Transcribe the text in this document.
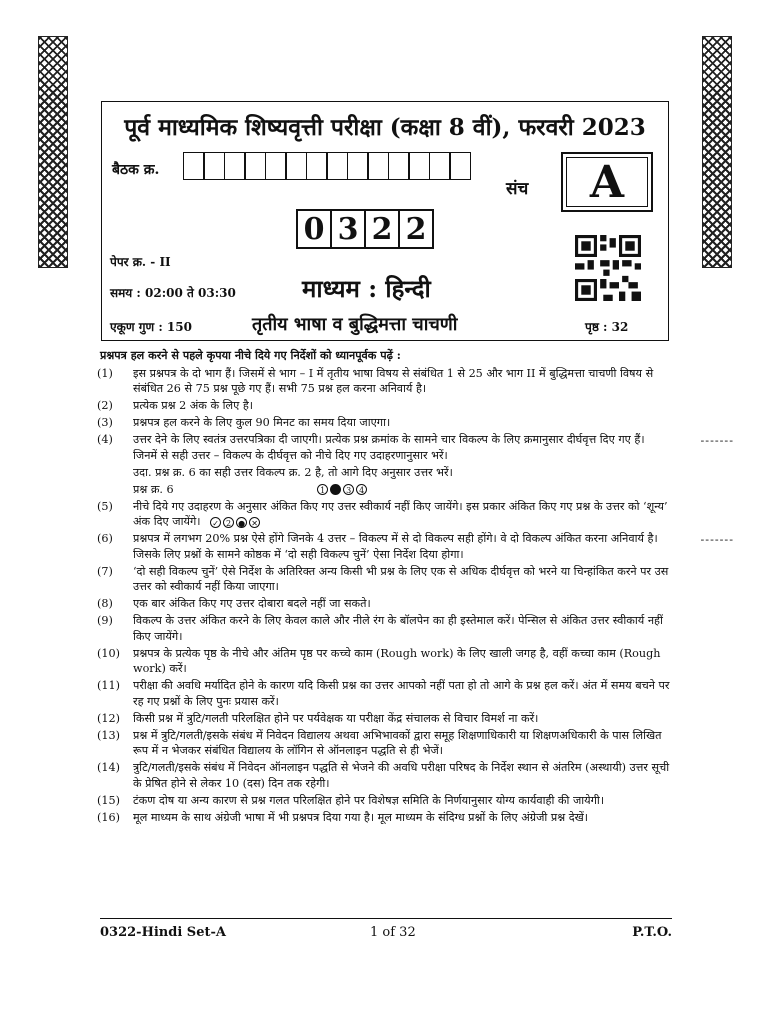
पूर्व माध्यमिक शिष्यवृत्ती परीक्षा (कक्षा 8 वीं), फरवरी 2023
बैठक क्र.
संच	A
0 3 2 2
पेपर क्र. - II
समय : 02:00 ते 03:30	माध्यम : हिन्दी
एकूण गुण : 150	तृतीय भाषा व बुद्धिमत्ता चाचणी	पृष्ठ : 32
प्रश्नपत्र हल करने से पहले कृपया नीचे दिये गए निर्देशों को ध्यानपूर्वक पढ़ें :
(1) इस प्रश्नपत्र के दो भाग हैं। जिसमें से भाग – I में तृतीय भाषा विषय से संबंधित 1 से 25 और भाग II में बुद्धिमत्ता चाचणी विषय से संबंधित 26 से 75 प्रश्न पूछे गए हैं। सभी 75 प्रश्न हल करना अनिवार्य है।
(2) प्रत्येक प्रश्न 2 अंक के लिए है।
(3) प्रश्नपत्र हल करने के लिए कुल 90 मिनट का समय दिया जाएगा।
(4) उत्तर देने के लिए स्वतंत्र उत्तरपत्रिका दी जाएगी। प्रत्येक प्रश्न क्रमांक के सामने चार विकल्प के लिए क्रमानुसार दीर्घवृत्त दिए गए हैं। जिनमें से सही उत्तर – विकल्प के दीर्घवृत्त को नीचे दिए गए उदाहरणानुसार भरें।
-------
उदा. प्रश्न क्र. 6 का सही उत्तर विकल्प क्र. 2 है, तो आगे दिए अनुसार उत्तर भरें।
प्रश्न क्र. 6	1	3 4
(5) नीचे दिये गए उदाहरण के अनुसार अंकित किए गए उत्तर स्वीकार्य नहीं किए जायेंगे। इस प्रकार अंकित किए गए प्रश्न के उत्तर को ‘शून्य’ अंक दिए जायेंगे। ✓ 2 ● ✕
(6) प्रश्नपत्र में लगभग 20% प्रश्न ऐसे होंगे जिनके 4 उत्तर – विकल्प में से दो विकल्प सही होंगे। वे दो विकल्प अंकित करना अनिवार्य है। जिसके लिए प्रश्नों के सामने कोष्ठक में ‘दो सही विकल्प चुनें’ ऐसा निर्देश दिया होगा।
-------
(7) ‘दो सही विकल्प चुनें’ ऐसे निर्देश के अतिरिक्त अन्य किसी भी प्रश्न के लिए एक से अधिक दीर्घवृत्त को भरने या चिन्हांकित करने पर उस उत्तर को स्वीकार्य नहीं किया जाएगा।
(8) एक बार अंकित किए गए उत्तर दोबारा बदले नहीं जा सकते।
(9) विकल्प के उत्तर अंकित करने के लिए केवल काले और नीले रंग के बॉलपेन का ही इस्तेमाल करें। पेन्सिल से अंकित उत्तर स्वीकार्य नहीं किए जायेंगे।
(10) प्रश्नपत्र के प्रत्येक पृष्ठ के नीचे और अंतिम पृष्ठ पर कच्चे काम (Rough work) के लिए खाली जगह है, वहीं कच्चा काम (Rough work) करें।
(11) परीक्षा की अवधि मर्यादित होने के कारण यदि किसी प्रश्न का उत्तर आपको नहीं पता हो तो आगे के प्रश्न हल करें। अंत में समय बचने पर रह गए प्रश्नों के लिए पुनः प्रयास करें।
(12) किसी प्रश्न में त्रुटि/गलती परिलक्षित होने पर पर्यवेक्षक या परीक्षा केंद्र संचालक से विचार विमर्श ना करें।
(13) प्रश्न में त्रुटि/गलती/इसके संबंध में निवेदन विद्यालय अथवा अभिभावकों द्वारा समूह शिक्षणाधिकारी या शिक्षणअधिकारी के पास लिखित रूप में न भेजकर संबंधित विद्यालय के लॉगिन से ऑनलाइन पद्धति से ही भेजें।
(14) त्रुटि/गलती/इसके संबंध में निवेदन ऑनलाइन पद्धति से भेजने की अवधि परीक्षा परिषद के निर्देश स्थान से अंतरिम (अस्थायी) उत्तर सूची के प्रेषित होने से लेकर 10 (दस) दिन तक रहेगी।
(15) टंकण दोष या अन्य कारण से प्रश्न गलत परिलक्षित होने पर विशेषज्ञ समिति के निर्णयानुसार योग्य कार्यवाही की जायेगी।
(16) मूल माध्यम के साथ अंग्रेजी भाषा में भी प्रश्नपत्र दिया गया है। मूल माध्यम के संदिग्ध प्रश्नों के लिए अंग्रेजी प्रश्न देखें।
0322-Hindi Set-A	1 of 32	P.T.O.
